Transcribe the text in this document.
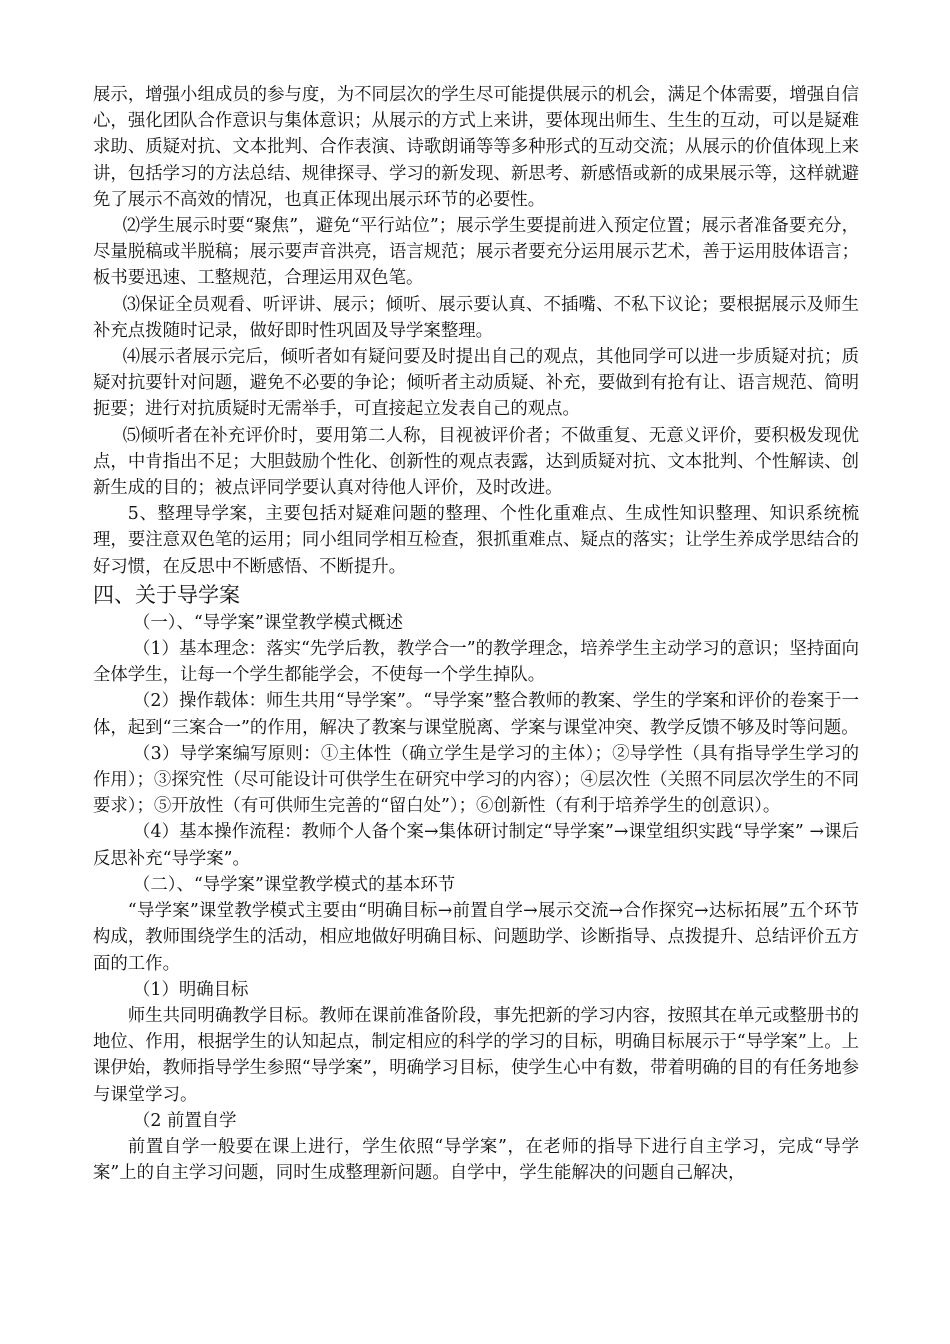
展示，增强小组成员的参与度，为不同层次的学生尽可能提供展示的机会，满足个体需要，增强自信心，强化团队合作意识与集体意识；从展示的方式上来讲，要体现出师生、生生的互动，可以是疑难求助、质疑对抗、文本批判、合作表演、诗歌朗诵等等多种形式的互动交流；从展示的价值体现上来讲，包括学习的方法总结、规律探寻、学习的新发现、新思考、新感悟或新的成果展示等，这样就避免了展示不高效的情况，也真正体现出展示环节的必要性。

⑵学生展示时要“聚焦”，避免“平行站位”；展示学生要提前进入预定位置；展示者准备要充分，尽量脱稿或半脱稿；展示要声音洪亮，语言规范；展示者要充分运用展示艺术，善于运用肢体语言；板书要迅速、工整规范，合理运用双色笔。

⑶保证全员观看、听评讲、展示；倾听、展示要认真、不插嘴、不私下议论；要根据展示及师生补充点拨随时记录，做好即时性巩固及导学案整理。

⑷展示者展示完后，倾听者如有疑问要及时提出自己的观点，其他同学可以进一步质疑对抗；质疑对抗要针对问题，避免不必要的争论；倾听者主动质疑、补充，要做到有抢有让、语言规范、简明扼要；进行对抗质疑时无需举手，可直接起立发表自己的观点。

⑸倾听者在补充评价时，要用第二人称，目视被评价者；不做重复、无意义评价，要积极发现优点，中肯指出不足；大胆鼓励个性化、创新性的观点表露，达到质疑对抗、文本批判、个性解读、创新生成的目的；被点评同学要认真对待他人评价，及时改进。

5、整理导学案，主要包括对疑难问题的整理、个性化重难点、生成性知识整理、知识系统梳理，要注意双色笔的运用；同小组同学相互检查，狠抓重难点、疑点的落实；让学生养成学思结合的好习惯，在反思中不断感悟、不断提升。

四、关于导学案

（一）、“导学案”课堂教学模式概述

（1）基本理念：落实“先学后教，教学合一”的教学理念，培养学生主动学习的意识；坚持面向全体学生，让每一个学生都能学会，不使每一个学生掉队。

（2）操作载体：师生共用“导学案”。“导学案”整合教师的教案、学生的学案和评价的卷案于一体，起到“三案合一”的作用，解决了教案与课堂脱离、学案与课堂冲突、教学反馈不够及时等问题。

（3）导学案编写原则：①主体性（确立学生是学习的主体）；②导学性（具有指导学生学习的作用）；③探究性（尽可能设计可供学生在研究中学习的内容）；④层次性（关照不同层次学生的不同要求）；⑤开放性（有可供师生完善的“留白处”）；⑥创新性（有利于培养学生的创意识）。

（4）基本操作流程：教师个人备个案→集体研讨制定“导学案”→课堂组织实践“导学案” →课后反思补充“导学案”。

（二）、“导学案”课堂教学模式的基本环节

“导学案”课堂教学模式主要由“明确目标→前置自学→展示交流→合作探究→达标拓展”五个环节构成，教师围绕学生的活动，相应地做好明确目标、问题助学、诊断指导、点拨提升、总结评价五方面的工作。

（1）明确目标

师生共同明确教学目标。教师在课前准备阶段，事先把新的学习内容，按照其在单元或整册书的地位、作用，根据学生的认知起点，制定相应的科学的学习的目标，明确目标展示于“导学案”上。上课伊始，教师指导学生参照“导学案”，明确学习目标，使学生心中有数，带着明确的目的有任务地参与课堂学习。

（2 前置自学

前置自学一般要在课上进行，学生依照“导学案”，在老师的指导下进行自主学习，完成“导学案”上的自主学习问题，同时生成整理新问题。自学中，学生能解决的问题自己解决，
